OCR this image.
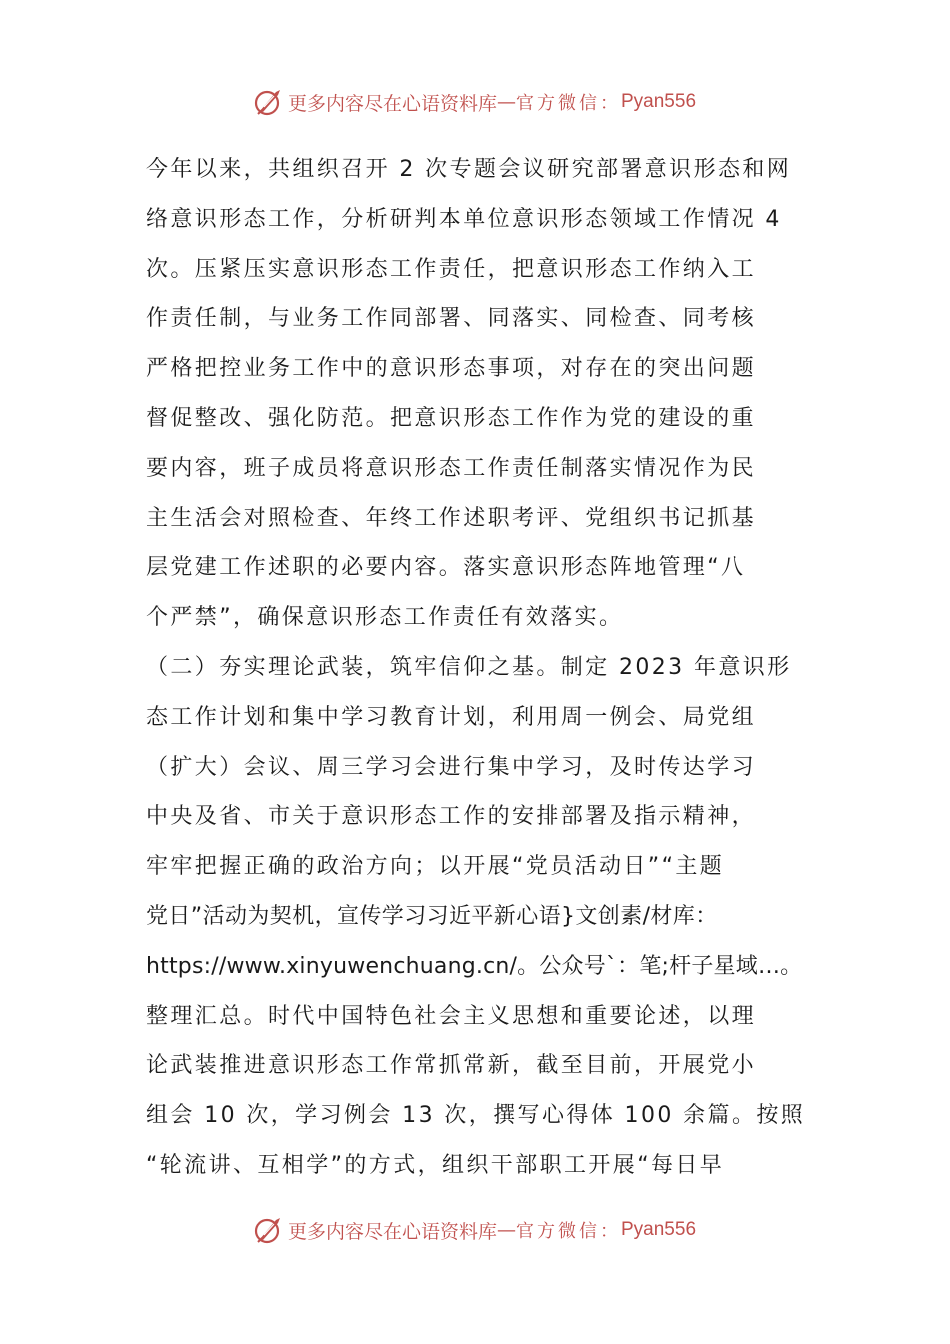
更多内容尽在心语资料库 — 官方微信： Pyan556
今年以来，共组织召开 2 次专题会议研究部署意识形态和网
络意识形态工作，分析研判本单位意识形态领域工作情况 4
次。压紧压实意识形态工作责任，把意识形态工作纳入工
作责任制，与业务工作同部署、同落实、同检查、同考核
严格把控业务工作中的意识形态事项，对存在的突出问题
督促整改、强化防范。把意识形态工作作为党的建设的重
要内容，班子成员将意识形态工作责任制落实情况作为民
主生活会对照检查、年终工作述职考评、党组织书记抓基
层党建工作述职的必要内容。落实意识形态阵地管理“八
个严禁”，确保意识形态工作责任有效落实。
（二）夯实理论武装，筑牢信仰之基。制定 2023 年意识形
态工作计划和集中学习教育计划，利用周一例会、局党组
（扩大）会议、周三学习会进行集中学习，及时传达学习
中央及省、市关于意识形态工作的安排部署及指示精神，
牢牢把握正确的政治方向；以开展“党员活动日”“主题
党日”活动为契机，宣传学习习近平新心语}文创素/材库：
https://www.xinyuwenchuang.cn/。公众号`：笔;杆子星域…。
整理汇总。时代中国特色社会主义思想和重要论述，以理
论武装推进意识形态工作常抓常新，截至目前，开展党小
组会 10 次，学习例会 13 次，撰写心得体 100 余篇。按照
“轮流讲、互相学”的方式，组织干部职工开展“每日早
更多内容尽在心语资料库 — 官方微信： Pyan556
